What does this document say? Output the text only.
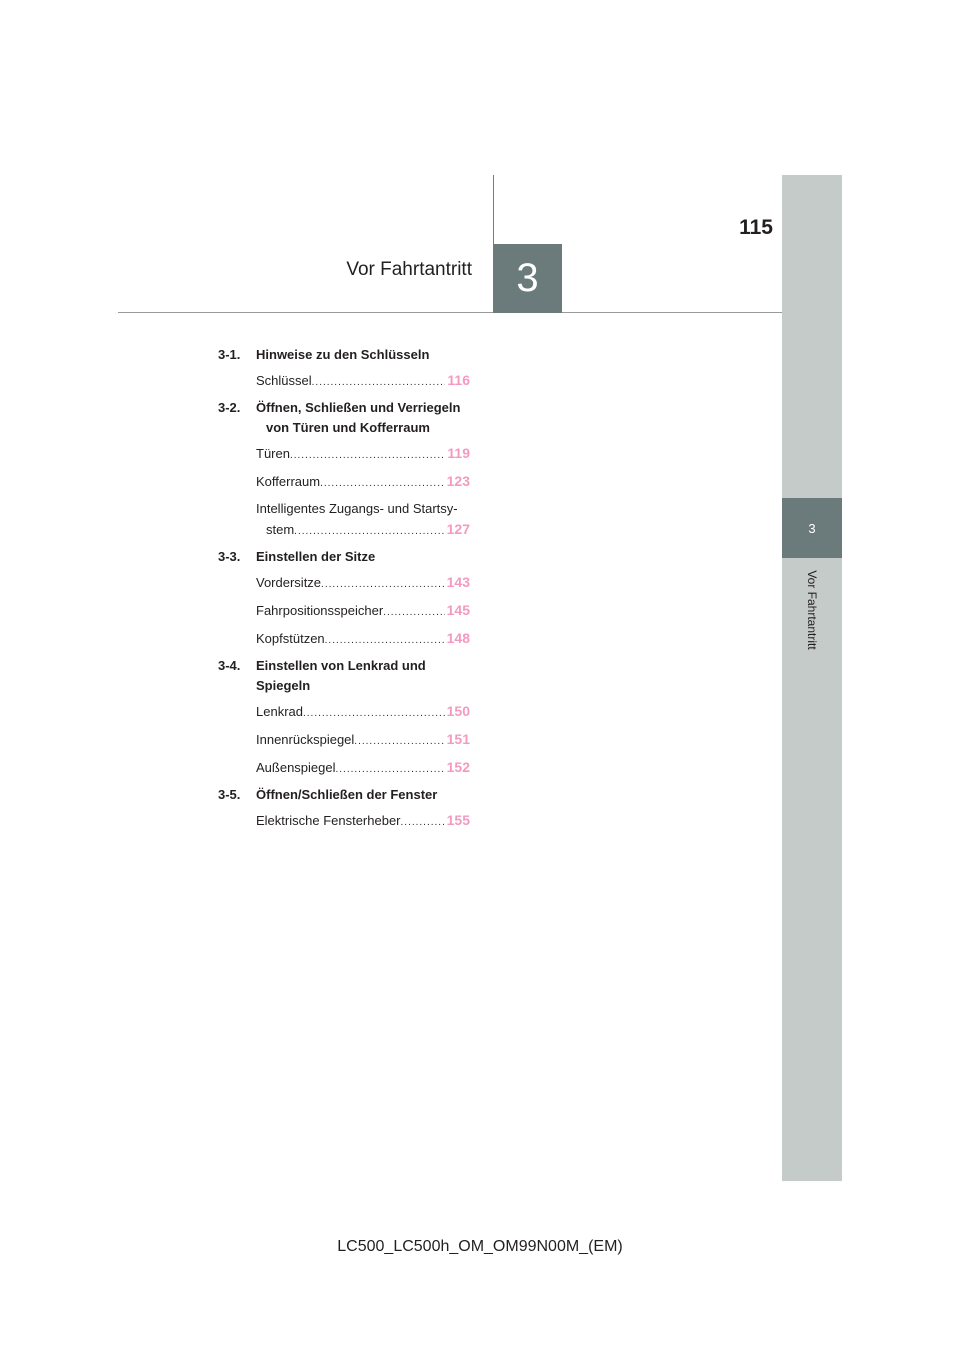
115
Vor Fahrtantritt	3
3
Vor Fahrtantritt
3-1.	Hinweise zu den Schlüsseln
Schlüssel .....	116
3-2.	Öffnen, Schließen und Verriegeln
von Türen und Kofferraum
Türen .....	119
Kofferraum .....	123
Intelligentes Zugangs- und Startsy-
stem .....	127
3-3.	Einstellen der Sitze
Vordersitze .....	143
Fahrpositionsspeicher .....	145
Kopfstützen .....	148
3-4.	Einstellen von Lenkrad und Spiegeln
Lenkrad .....	150
Innenrückspiegel .....	151
Außenspiegel .....	152
3-5.	Öffnen/Schließen der Fenster
Elektrische Fensterheber .....	155
LC500_LC500h_OM_OM99N00M_(EM)
